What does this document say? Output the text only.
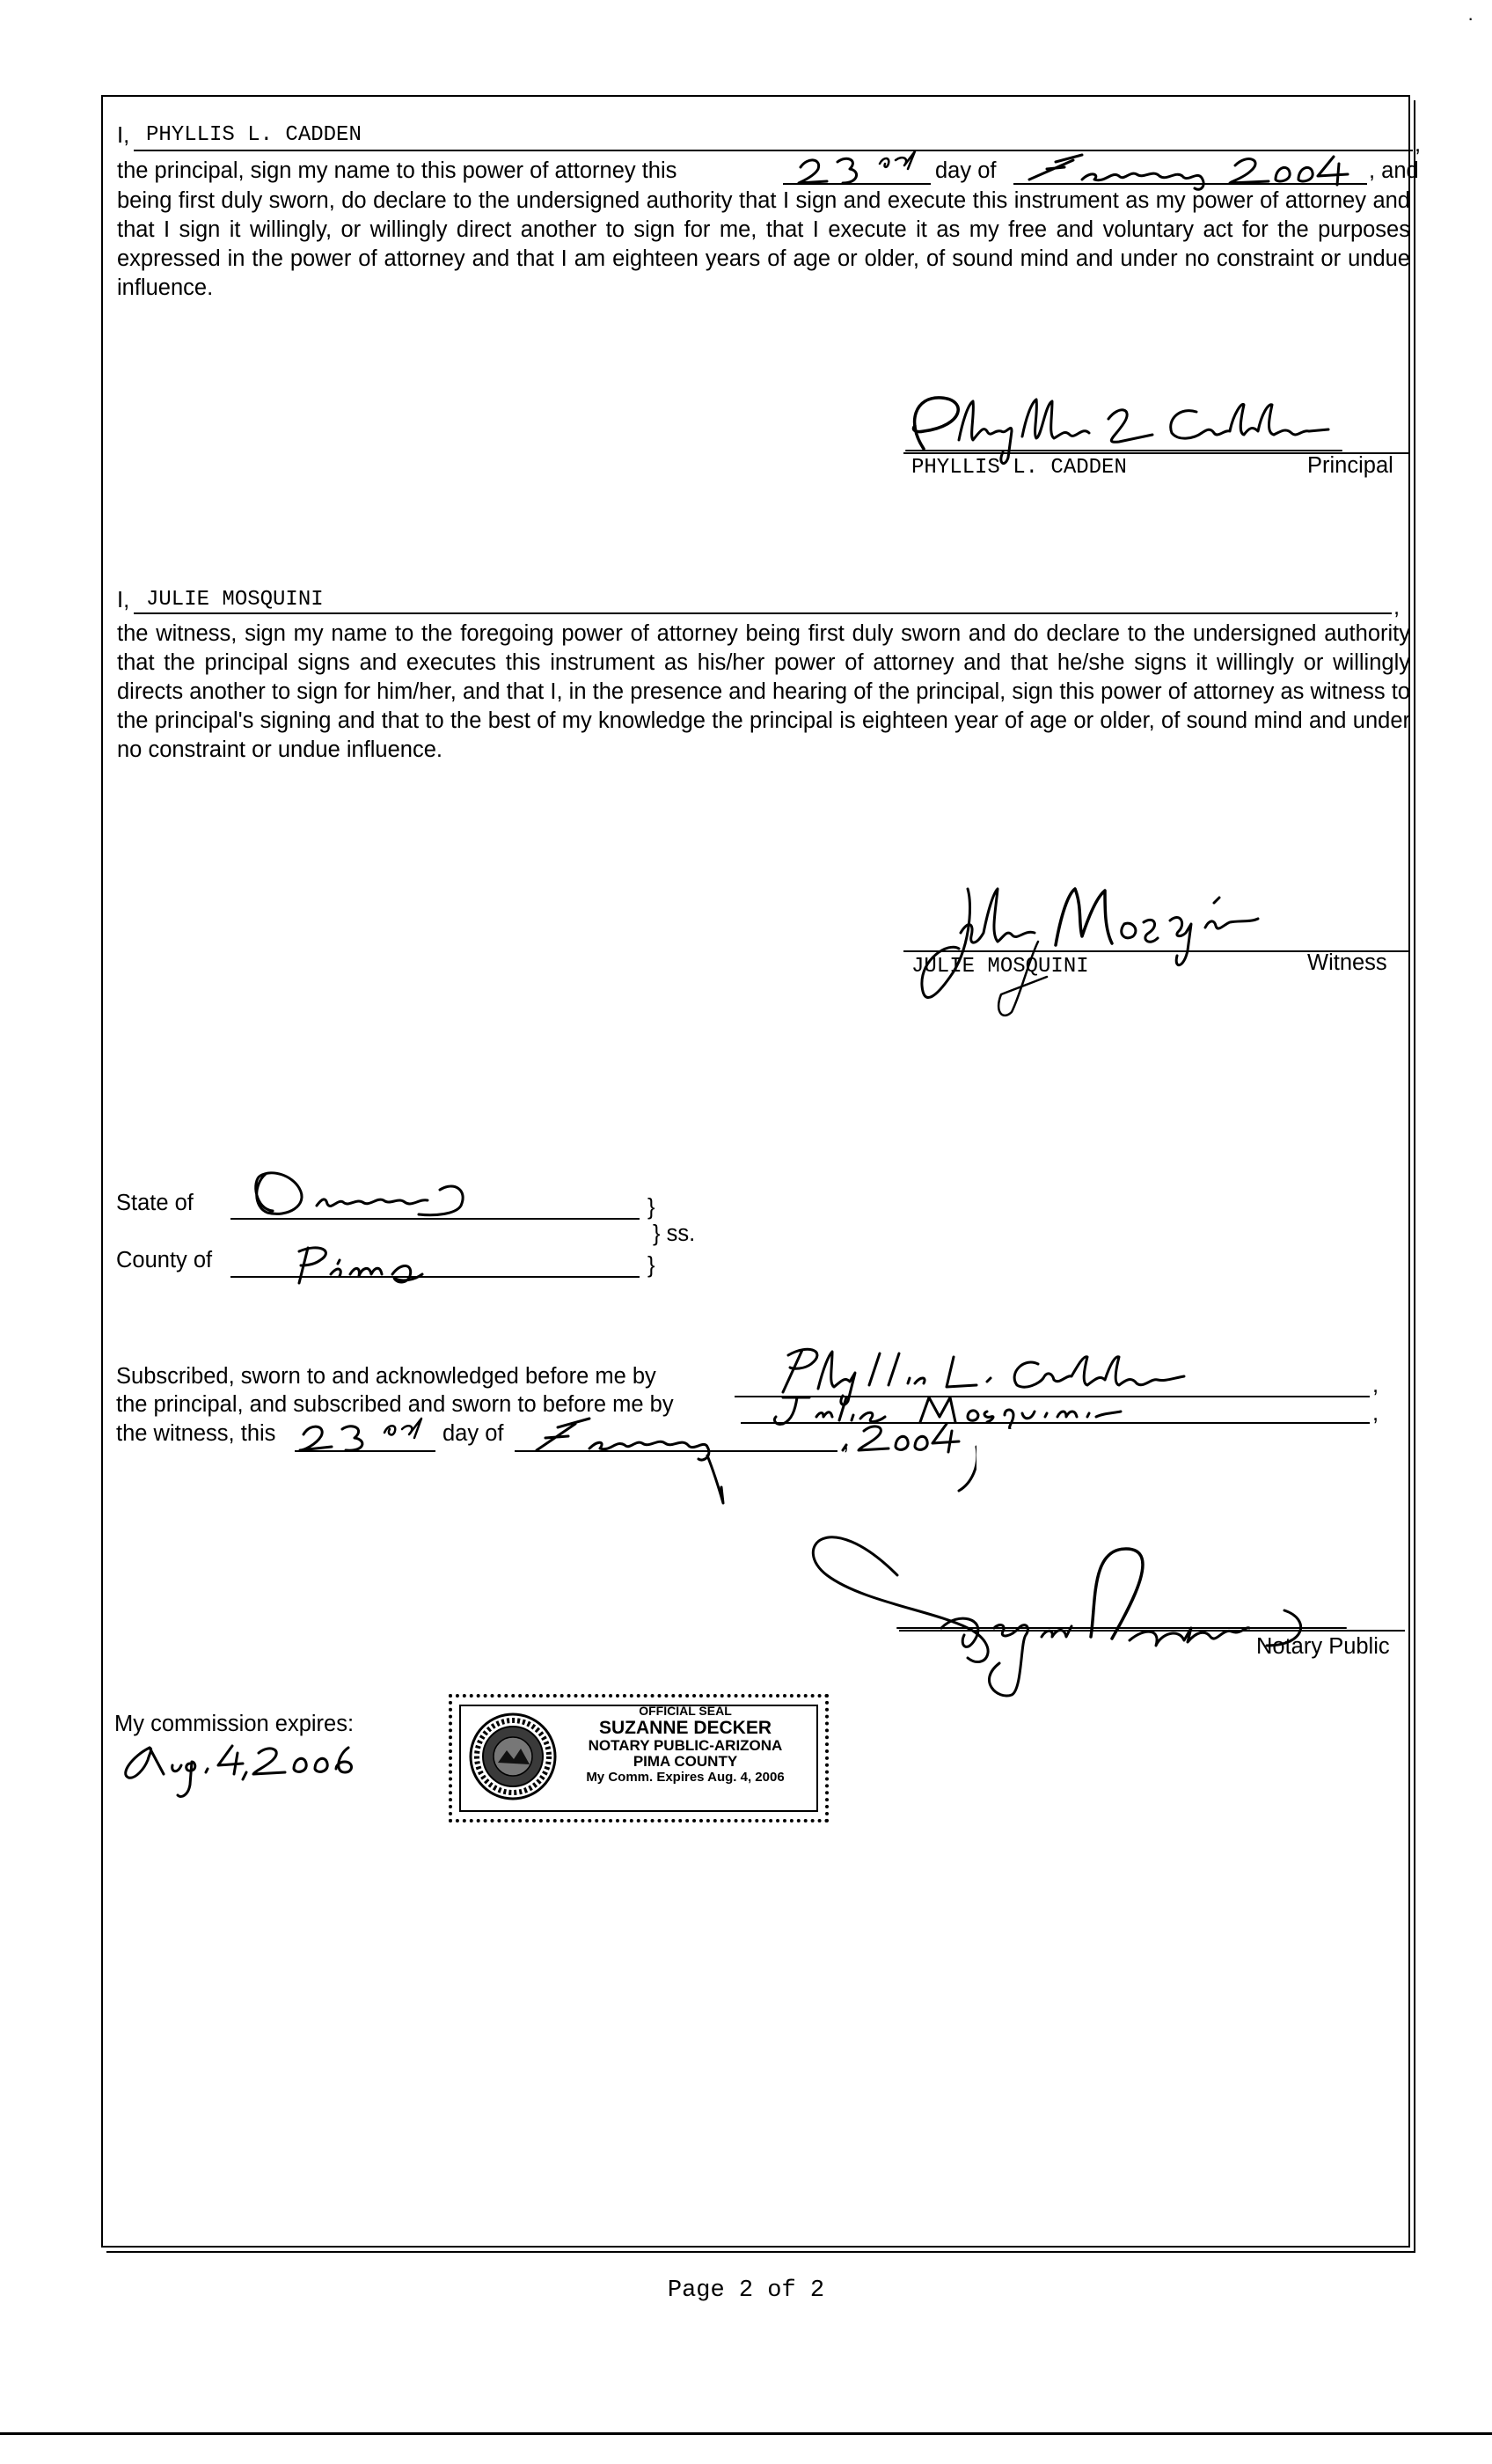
I, PHYLLIS L. CADDEN	,
the principal, sign my name to this power of attorney this	day of	, and
being first duly sworn, do declare to the undersigned authority that I sign and execute this instrument as my power of attorney and that I sign it willingly, or willingly direct another to sign for me, that I execute it as my free and voluntary act for the purposes expressed in the power of attorney and that I am eighteen years of age or older, of sound mind and under no constraint or undue influence.
PHYLLIS L. CADDEN	Principal
I, JULIE MOSQUINI	,
the witness, sign my name to the foregoing power of attorney being first duly sworn and do declare to the undersigned authority that the principal signs and executes this instrument as his/her power of attorney and that he/she signs it willingly or willingly directs another to sign for him/her, and that I, in the presence and hearing of the principal, sign this power of attorney as witness to the principal's signing and that to the best of my knowledge the principal is eighteen year of age or older, of sound mind and under no constraint or undue influence.
JULIE MOSQUINI	Witness
State of	}
} ss.
County of	}
Subscribed, sworn to and acknowledged before me by	,
the principal, and subscribed and sworn to before me by	,
the witness, this	day of	,
Notary Public
My commission expires:
OFFICIAL SEAL
SUZANNE DECKER
NOTARY PUBLIC-ARIZONA
PIMA COUNTY
My Comm. Expires Aug. 4, 2006
Page 2 of 2
·
